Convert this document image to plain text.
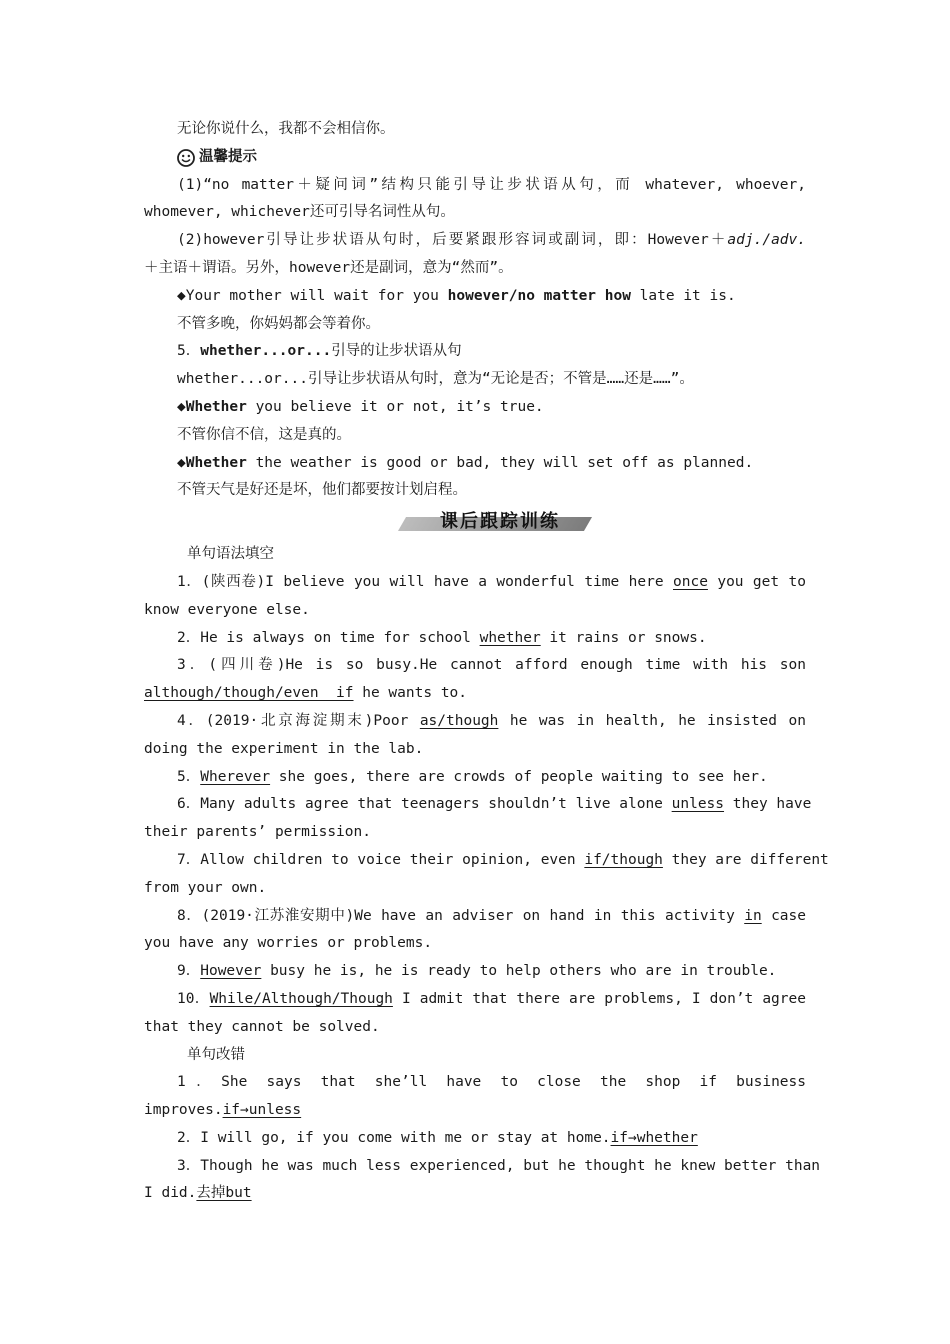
无论你说什么，我都不会相信你。
温馨提示
(1)“no matter＋疑问词”结构只能引导让步状语从句，而 whatever, whoever,
whomever, whichever还可引导名词性从句。
(2)however引导让步状语从句时，后要紧跟形容词或副词，即：However＋adj./adv.
＋主语＋谓语。另外，however还是副词，意为“然而”。
◆Your mother will wait for you however/no matter how late it is.
不管多晚，你妈妈都会等着你。
5．whether...or...引导的让步状语从句
whether...or...引导让步状语从句时，意为“无论是否；不管是……还是……”。
◆Whether you believe it or not, it’s true.
不管你信不信，这是真的。
◆Whether the weather is good or bad, they will set off as planned.
不管天气是好还是坏，他们都要按计划启程。
课后跟踪训练
单句语法填空
1．(陕西卷)I believe you will have a wonderful time here once you get to
know everyone else.
2．He is always on time for school whether it rains or snows.
3．(四川卷)He is so busy.He cannot afford enough time with his son
although/though/even  if he wants to.
4．(2019·北京海淀期末)Poor as/though he was in health, he insisted on
doing the experiment in the lab.
5．Wherever she goes, there are crowds of people waiting to see her.
6．Many adults agree that teenagers shouldn’t live alone unless they have
their parents’ permission.
7．Allow children to voice their opinion, even if/though they are different
from your own.
8．(2019·江苏淮安期中)We have an adviser on hand in this activity in case
you have any worries or problems.
9．However busy he is, he is ready to help others who are in trouble.
10．While/Although/Though I admit that there are problems, I don’t agree
that they cannot be solved.
单句改错
1．She says that she’ll have to close the shop if business
improves.if→unless
2．I will go, if you come with me or stay at home.if→whether
3．Though he was much less experienced, but he thought he knew better than
I did.去掉but
